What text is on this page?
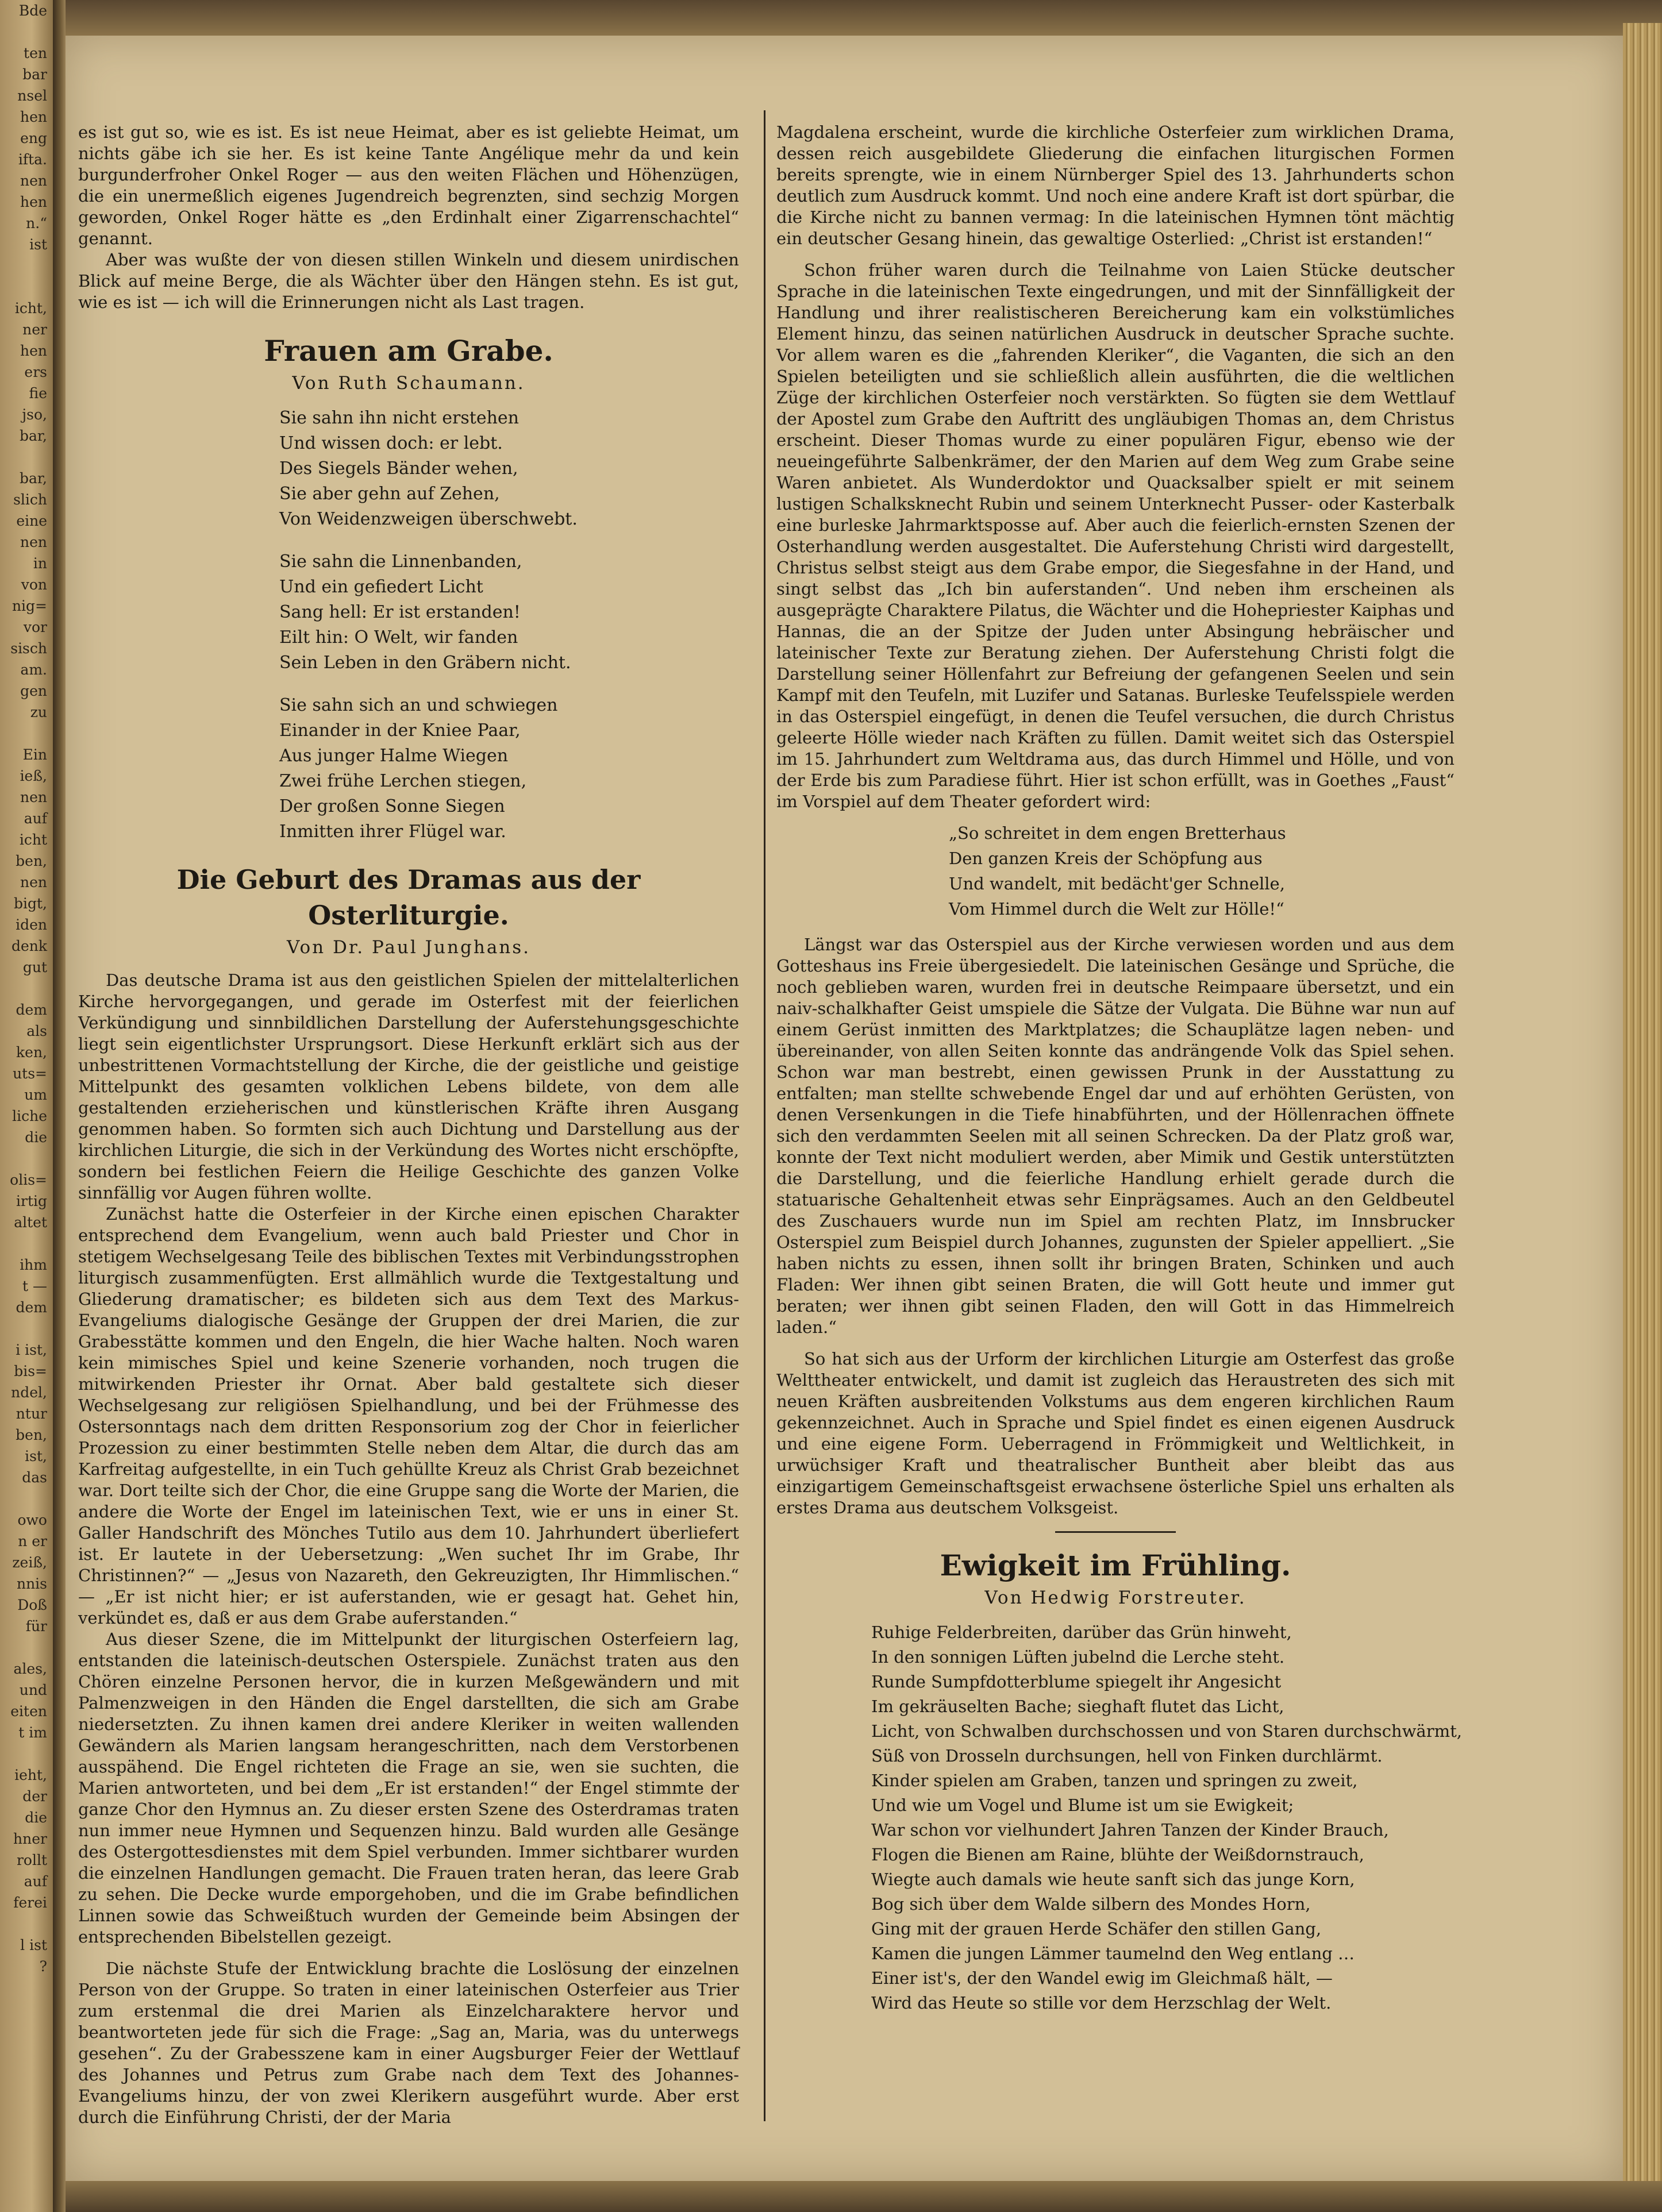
Bde

ten
bar
nsel
hen
eng
ifta.
nen
hen
n.“
ist

icht,
ner
hen
ers
fie
jso,
bar,

bar,
slich
eine
nen
in
von
nig=
vor
sisch
am.
gen
zu

Ein
ieß,
nen
auf
icht
ben,
nen
bigt,
iden
denk
gut

dem
als
ken,
uts=
um
liche
die

olis=
irtig
altet

ihm
t —
dem

i ist,
bis=
ndel,
ntur
ben,
ist,
das

owo
n er
zeiß,
nnis
Doß
für

ales,
und
eiten
t im

ieht,
der
die
hner
rollt
auf
ferei

l ist
?

es ist gut so, wie es ist. Es ist neue Heimat, aber es ist geliebte Heimat, um nichts gäbe ich sie her. Es ist keine Tante Angélique mehr da und kein burgunderfroher Onkel Roger — aus den weiten Flächen und Höhenzügen, die ein unermeßlich eigenes Jugendreich begrenzten, sind sechzig Morgen geworden, Onkel Roger hätte es „den Erdinhalt einer Zigarrenschachtel“ genannt.

Aber was wußte der von diesen stillen Winkeln und diesem unirdischen Blick auf meine Berge, die als Wächter über den Hängen stehn. Es ist gut, wie es ist — ich will die Erinnerungen nicht als Last tragen.

Frauen am Grabe.
Von Ruth Schaumann.
Sie sahn ihn nicht erstehen
Und wissen doch: er lebt.
Des Siegels Bänder wehen,
Sie aber gehn auf Zehen,
Von Weidenzweigen überschwebt.
Sie sahn die Linnenbanden,
Und ein gefiedert Licht
Sang hell: Er ist erstanden!
Eilt hin: O Welt, wir fanden
Sein Leben in den Gräbern nicht.
Sie sahn sich an und schwiegen
Einander in der Kniee Paar,
Aus junger Halme Wiegen
Zwei frühe Lerchen stiegen,
Der großen Sonne Siegen
Inmitten ihrer Flügel war.
Die Geburt des Dramas aus der Osterliturgie.
Von Dr. Paul Junghans.

Das deutsche Drama ist aus den geistlichen Spielen der mittelalterlichen Kirche hervorgegangen, und gerade im Osterfest mit der feierlichen Verkündigung und sinnbildlichen Darstellung der Auferstehungsgeschichte liegt sein eigentlichster Ursprungsort. Diese Herkunft erklärt sich aus der unbestrittenen Vormachtstellung der Kirche, die der geistliche und geistige Mittelpunkt des gesamten volklichen Lebens bildete, von dem alle gestaltenden erzieherischen und künstlerischen Kräfte ihren Ausgang genommen haben. So formten sich auch Dichtung und Darstellung aus der kirchlichen Liturgie, die sich in der Verkündung des Wortes nicht erschöpfte, sondern bei festlichen Feiern die Heilige Geschichte des ganzen Volke sinnfällig vor Augen führen wollte.

Zunächst hatte die Osterfeier in der Kirche einen epischen Charakter entsprechend dem Evangelium, wenn auch bald Priester und Chor in stetigem Wechselgesang Teile des biblischen Textes mit Verbindungsstrophen liturgisch zusammenfügten. Erst allmählich wurde die Textgestaltung und Gliederung dramatischer; es bildeten sich aus dem Text des Markus-Evangeliums dialogische Gesänge der Gruppen der drei Marien, die zur Grabesstätte kommen und den Engeln, die hier Wache halten. Noch waren kein mimisches Spiel und keine Szenerie vorhanden, noch trugen die mitwirkenden Priester ihr Ornat. Aber bald gestaltete sich dieser Wechselgesang zur religiösen Spielhandlung, und bei der Frühmesse des Ostersonntags nach dem dritten Responsorium zog der Chor in feierlicher Prozession zu einer bestimmten Stelle neben dem Altar, die durch das am Karfreitag aufgestellte, in ein Tuch gehüllte Kreuz als Christ Grab bezeichnet war. Dort teilte sich der Chor, die eine Gruppe sang die Worte der Marien, die andere die Worte der Engel im lateinischen Text, wie er uns in einer St. Galler Handschrift des Mönches Tutilo aus dem 10. Jahrhundert überliefert ist. Er lautete in der Uebersetzung: „Wen suchet Ihr im Grabe, Ihr Christinnen?“ — „Jesus von Nazareth, den Gekreuzigten, Ihr Himmlischen.“ — „Er ist nicht hier; er ist auferstanden, wie er gesagt hat. Gehet hin, verkündet es, daß er aus dem Grabe auferstanden.“

Aus dieser Szene, die im Mittelpunkt der liturgischen Osterfeiern lag, entstanden die lateinisch-deutschen Osterspiele. Zunächst traten aus den Chören einzelne Personen hervor, die in kurzen Meßgewändern und mit Palmenzweigen in den Händen die Engel darstellten, die sich am Grabe niedersetzten. Zu ihnen kamen drei andere Kleriker in weiten wallenden Gewändern als Marien langsam herangeschritten, nach dem Verstorbenen ausspähend. Die Engel richteten die Frage an sie, wen sie suchten, die Marien antworteten, und bei dem „Er ist erstanden!“ der Engel stimmte der ganze Chor den Hymnus an. Zu dieser ersten Szene des Osterdramas traten nun immer neue Hymnen und Sequenzen hinzu. Bald wurden alle Gesänge des Ostergottesdienstes mit dem Spiel verbunden. Immer sichtbarer wurden die einzelnen Handlungen gemacht. Die Frauen traten heran, das leere Grab zu sehen. Die Decke wurde emporgehoben, und die im Grabe befindlichen Linnen sowie das Schweißtuch wurden der Gemeinde beim Absingen der entsprechenden Bibelstellen gezeigt.

Die nächste Stufe der Entwicklung brachte die Loslösung der einzelnen Person von der Gruppe. So traten in einer lateinischen Osterfeier aus Trier zum erstenmal die drei Marien als Einzelcharaktere hervor und beantworteten jede für sich die Frage: „Sag an, Maria, was du unterwegs gesehen“. Zu der Grabesszene kam in einer Augsburger Feier der Wettlauf des Johannes und Petrus zum Grabe nach dem Text des Johannes-Evangeliums hinzu, der von zwei Klerikern ausgeführt wurde. Aber erst durch die Einführung Christi, der der Maria

Magdalena erscheint, wurde die kirchliche Osterfeier zum wirklichen Drama, dessen reich ausgebildete Gliederung die einfachen liturgischen Formen bereits sprengte, wie in einem Nürnberger Spiel des 13. Jahrhunderts schon deutlich zum Ausdruck kommt. Und noch eine andere Kraft ist dort spürbar, die die Kirche nicht zu bannen vermag: In die lateinischen Hymnen tönt mächtig ein deutscher Gesang hinein, das gewaltige Osterlied: „Christ ist erstanden!“

Schon früher waren durch die Teilnahme von Laien Stücke deutscher Sprache in die lateinischen Texte eingedrungen, und mit der Sinnfälligkeit der Handlung und ihrer realistischeren Bereicherung kam ein volkstümliches Element hinzu, das seinen natürlichen Ausdruck in deutscher Sprache suchte. Vor allem waren es die „fahrenden Kleriker“, die Vaganten, die sich an den Spielen beteiligten und sie schließlich allein ausführten, die die weltlichen Züge der kirchlichen Osterfeier noch verstärkten. So fügten sie dem Wettlauf der Apostel zum Grabe den Auftritt des ungläubigen Thomas an, dem Christus erscheint. Dieser Thomas wurde zu einer populären Figur, ebenso wie der neueingeführte Salbenkrämer, der den Marien auf dem Weg zum Grabe seine Waren anbietet. Als Wunderdoktor und Quacksalber spielt er mit seinem lustigen Schalksknecht Rubin und seinem Unterknecht Pusser- oder Kasterbalk eine burleske Jahrmarktsposse auf. Aber auch die feierlich-ernsten Szenen der Osterhandlung werden ausgestaltet. Die Auferstehung Christi wird dargestellt, Christus selbst steigt aus dem Grabe empor, die Siegesfahne in der Hand, und singt selbst das „Ich bin auferstanden“. Und neben ihm erscheinen als ausgeprägte Charaktere Pilatus, die Wächter und die Hohepriester Kaiphas und Hannas, die an der Spitze der Juden unter Absingung hebräischer und lateinischer Texte zur Beratung ziehen. Der Auferstehung Christi folgt die Darstellung seiner Höllenfahrt zur Befreiung der gefangenen Seelen und sein Kampf mit den Teufeln, mit Luzifer und Satanas. Burleske Teufelsspiele werden in das Osterspiel eingefügt, in denen die Teufel versuchen, die durch Christus geleerte Hölle wieder nach Kräften zu füllen. Damit weitet sich das Osterspiel im 15. Jahrhundert zum Weltdrama aus, das durch Himmel und Hölle, und von der Erde bis zum Paradiese führt. Hier ist schon erfüllt, was in Goethes „Faust“ im Vorspiel auf dem Theater gefordert wird:

„So schreitet in dem engen Bretterhaus
Den ganzen Kreis der Schöpfung aus
Und wandelt, mit bedächt'ger Schnelle,
Vom Himmel durch die Welt zur Hölle!“

Längst war das Osterspiel aus der Kirche verwiesen worden und aus dem Gotteshaus ins Freie übergesiedelt. Die lateinischen Gesänge und Sprüche, die noch geblieben waren, wurden frei in deutsche Reimpaare übersetzt, und ein naiv-schalkhafter Geist umspiele die Sätze der Vulgata. Die Bühne war nun auf einem Gerüst inmitten des Marktplatzes; die Schauplätze lagen neben- und übereinander, von allen Seiten konnte das andrängende Volk das Spiel sehen. Schon war man bestrebt, einen gewissen Prunk in der Ausstattung zu entfalten; man stellte schwebende Engel dar und auf erhöhten Gerüsten, von denen Versenkungen in die Tiefe hinabführten, und der Höllenrachen öffnete sich den verdammten Seelen mit all seinen Schrecken. Da der Platz groß war, konnte der Text nicht moduliert werden, aber Mimik und Gestik unterstützten die Darstellung, und die feierliche Handlung erhielt gerade durch die statuarische Gehaltenheit etwas sehr Einprägsames. Auch an den Geldbeutel des Zuschauers wurde nun im Spiel am rechten Platz, im Innsbrucker Osterspiel zum Beispiel durch Johannes, zugunsten der Spieler appelliert. „Sie haben nichts zu essen, ihnen sollt ihr bringen Braten, Schinken und auch Fladen: Wer ihnen gibt seinen Braten, die will Gott heute und immer gut beraten; wer ihnen gibt seinen Fladen, den will Gott in das Himmelreich laden.“

So hat sich aus der Urform der kirchlichen Liturgie am Osterfest das große Welttheater entwickelt, und damit ist zugleich das Heraustreten des sich mit neuen Kräften ausbreitenden Volkstums aus dem engeren kirchlichen Raum gekennzeichnet. Auch in Sprache und Spiel findet es einen eigenen Ausdruck und eine eigene Form. Ueberragend in Frömmigkeit und Weltlichkeit, in urwüchsiger Kraft und theatralischer Buntheit aber bleibt das aus einzigartigem Gemeinschaftsgeist erwachsene österliche Spiel uns erhalten als erstes Drama aus deutschem Volksgeist.

Ewigkeit im Frühling.
Von Hedwig Forstreuter.
Ruhige Felderbreiten, darüber das Grün hinweht,
In den sonnigen Lüften jubelnd die Lerche steht.
Runde Sumpfdotterblume spiegelt ihr Angesicht
Im gekräuselten Bache; sieghaft flutet das Licht,
Licht, von Schwalben durchschossen und von Staren durchschwärmt,
Süß von Drosseln durchsungen, hell von Finken durchlärmt.
Kinder spielen am Graben, tanzen und springen zu zweit,
Und wie um Vogel und Blume ist um sie Ewigkeit;
War schon vor vielhundert Jahren Tanzen der Kinder Brauch,
Flogen die Bienen am Raine, blühte der Weißdornstrauch,
Wiegte auch damals wie heute sanft sich das junge Korn,
Bog sich über dem Walde silbern des Mondes Horn,
Ging mit der grauen Herde Schäfer den stillen Gang,
Kamen die jungen Lämmer taumelnd den Weg entlang …
Einer ist's, der den Wandel ewig im Gleichmaß hält, —
Wird das Heute so stille vor dem Herzschlag der Welt.
